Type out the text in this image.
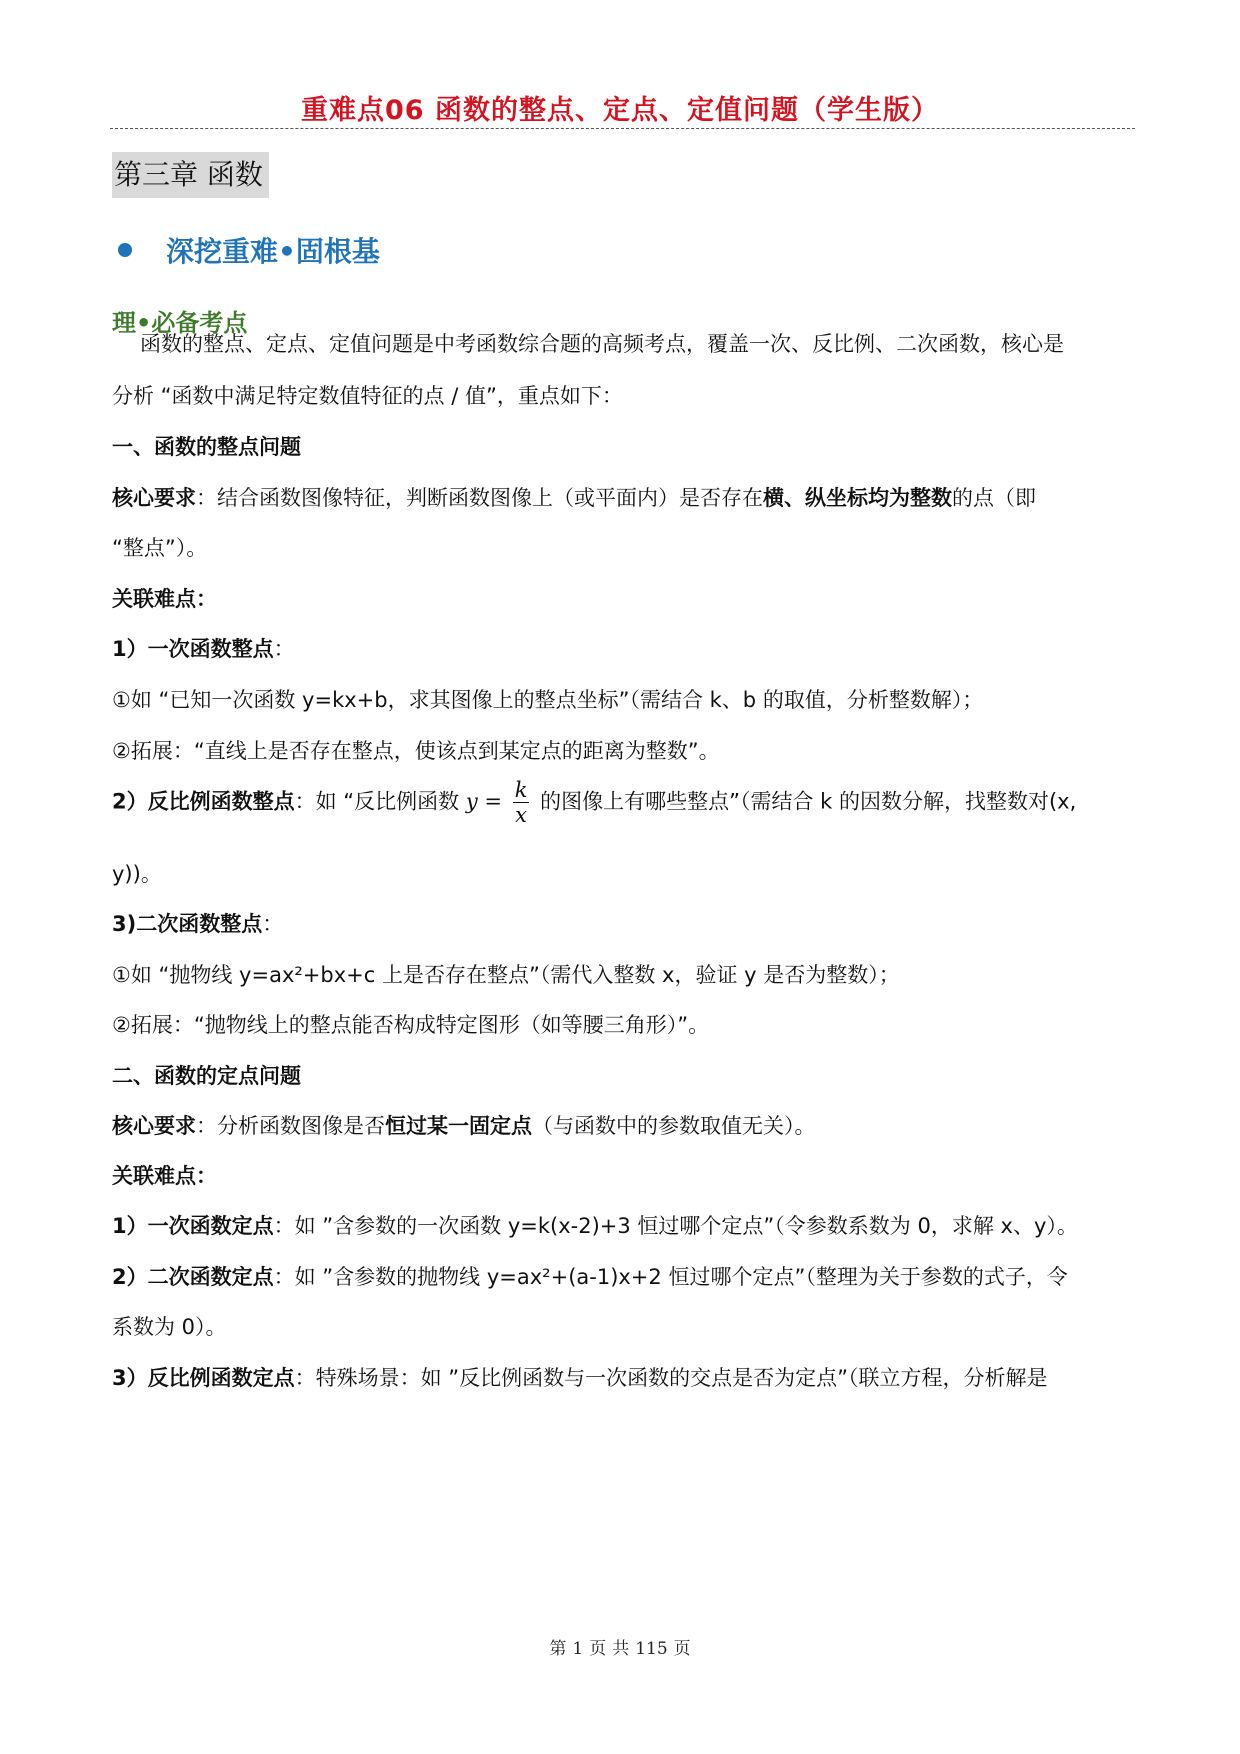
重难点06 函数的整点、定点、定值问题（学生版）
第三章 函数
深挖重难•固根基
理•必备考点
函数的整点、定点、定值问题是中考函数综合题的高频考点，覆盖一次、反比例、二次函数，核心是
分析 “函数中满足特定数值特征的点 / 值”，重点如下：
一、函数的整点问题
核心要求：结合函数图像特征，判断函数图像上（或平面内）是否存在横、纵坐标均为整数的点（即
“整点”）。
关联难点：
1）一次函数整点：
①如 “已知一次函数 y=kx+b，求其图像上的整点坐标”（需结合 k、b 的取值，分析整数解）；
②拓展：“直线上是否存在整点，使该点到某定点的距离为整数”。
2）反比例函数整点：如 “反比例函数 $y = \frac{k}{x}$ 的图像上有哪些整点”（需结合 k 的因数分解，找整数对(x,
y))。
3)二次函数整点：
①如 “抛物线 y=ax²+bx+c 上是否存在整点”（需代入整数 x，验证 y 是否为整数）；
②拓展：“抛物线上的整点能否构成特定图形（如等腰三角形）”。
二、函数的定点问题
核心要求：分析函数图像是否恒过某一固定点（与函数中的参数取值无关）。
关联难点：
1）一次函数定点：如 ”含参数的一次函数 y=k(x-2)+3 恒过哪个定点”（令参数系数为 0，求解 x、y）。
2）二次函数定点：如 ”含参数的抛物线 y=ax²+(a-1)x+2 恒过哪个定点”（整理为关于参数的式子，令
系数为 0）。
3）反比例函数定点：特殊场景：如 ”反比例函数与一次函数的交点是否为定点”（联立方程，分析解是
第 1 页 共 115 页
